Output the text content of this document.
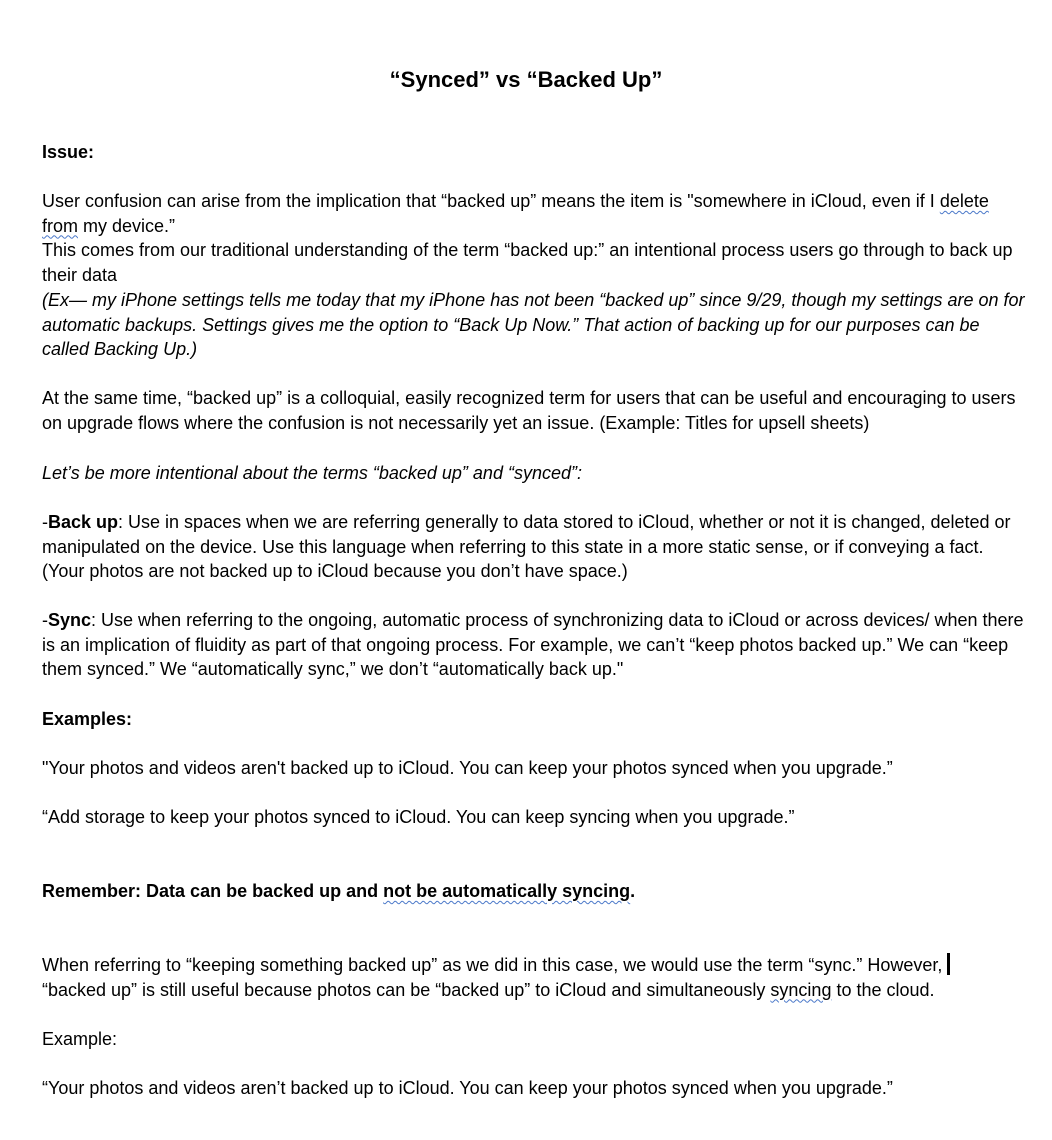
“Synced” vs “Backed Up”

Issue:

User confusion can arise from the implication that “backed up” means the item is "somewhere in iCloud, even if I delete from my device.”

This comes from our traditional understanding of the term “backed up:” an intentional process users go through to back up their data

(Ex— my iPhone settings tells me today that my iPhone has not been “backed up” since 9/29, though my settings are on for automatic backups. Settings gives me the option to “Back Up Now.” That action of backing up for our purposes can be called Backing Up.)

At the same time, “backed up” is a colloquial, easily recognized term for users that can be useful and encouraging to users on upgrade flows where the confusion is not necessarily yet an issue. (Example: Titles for upsell sheets)

Let’s be more intentional about the terms “backed up” and “synced”:

-Back up: Use in spaces when we are referring generally to data stored to iCloud, whether or not it is changed, deleted or manipulated on the device. Use this language when referring to this state in a more static sense, or if conveying a fact. (Your photos are not backed up to iCloud because you don’t have space.)

-Sync: Use when referring to the ongoing, automatic process of synchronizing data to iCloud or across devices/ when there is an implication of fluidity as part of that ongoing process. For example, we can’t “keep photos backed up.” We can “keep them synced.” We “automatically sync,” we don’t “automatically back up."

Examples:

"Your photos and videos aren't backed up to iCloud. You can keep your photos synced when you upgrade.”

“Add storage to keep your photos synced to iCloud. You can keep syncing when you upgrade.”

Remember: Data can be backed up and not be automatically syncing.

When referring to “keeping something backed up” as we did in this case, we would use the term “sync.” However,
“backed up” is still useful because photos can be “backed up” to iCloud and simultaneously syncing to the cloud.

Example:

“Your photos and videos aren’t backed up to iCloud. You can keep your photos synced when you upgrade.”
